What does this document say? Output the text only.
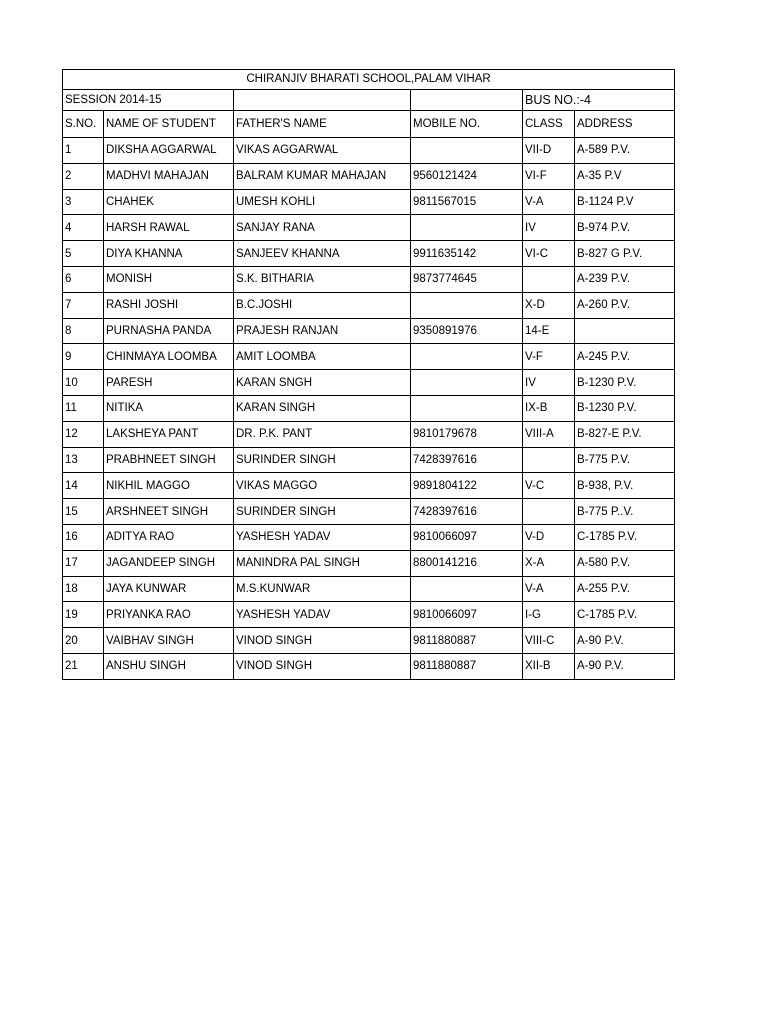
CHIRANJIV BHARATI SCHOOL,PALAM VIHAR					
SESSION 2014-15				BUS NO.:-4	
S.NO.	NAME OF STUDENT	FATHER'S NAME	MOBILE NO.	CLASS	ADDRESS
1	DIKSHA AGGARWAL	VIKAS AGGARWAL		VII-D	A-589 P.V.
2	MADHVI MAHAJAN	BALRAM KUMAR MAHAJAN	9560121424	VI-F	A-35 P.V
3	CHAHEK	UMESH KOHLI	9811567015	V-A	B-1124 P.V
4	HARSH RAWAL	SANJAY RANA		IV	B-974 P.V.
5	DIYA KHANNA	SANJEEV KHANNA	9911635142	VI-C	B-827 G P.V.
6	MONISH	S.K. BITHARIA	9873774645		A-239 P.V.
7	RASHI JOSHI	B.C.JOSHI		X-D	A-260 P.V.
8	PURNASHA PANDA	PRAJESH RANJAN	9350891976	14-E	
9	CHINMAYA LOOMBA	AMIT LOOMBA		V-F	A-245 P.V.
10	PARESH	KARAN SNGH		IV	B-1230 P.V.
11	NITIKA	KARAN SINGH		IX-B	B-1230 P.V.
12	LAKSHEYA PANT	DR. P.K. PANT	9810179678	VIII-A	B-827-E P.V.
13	PRABHNEET SINGH	SURINDER SINGH	7428397616		B-775 P.V.
14	NIKHIL MAGGO	VIKAS MAGGO	9891804122	V-C	B-938, P.V.
15	ARSHNEET SINGH	SURINDER SINGH	7428397616		B-775 P..V.
16	ADITYA RAO	YASHESH YADAV	9810066097	V-D	C-1785 P.V.
17	JAGANDEEP SINGH	MANINDRA PAL SINGH	8800141216	X-A	A-580 P.V.
18	JAYA KUNWAR	M.S.KUNWAR		V-A	A-255 P.V.
19	PRIYANKA RAO	YASHESH YADAV	9810066097	I-G	C-1785 P.V.
20	VAIBHAV SINGH	VINOD SINGH	9811880887	VIII-C	A-90 P.V.
21	ANSHU SINGH	VINOD SINGH	9811880887	XII-B	A-90 P.V.
